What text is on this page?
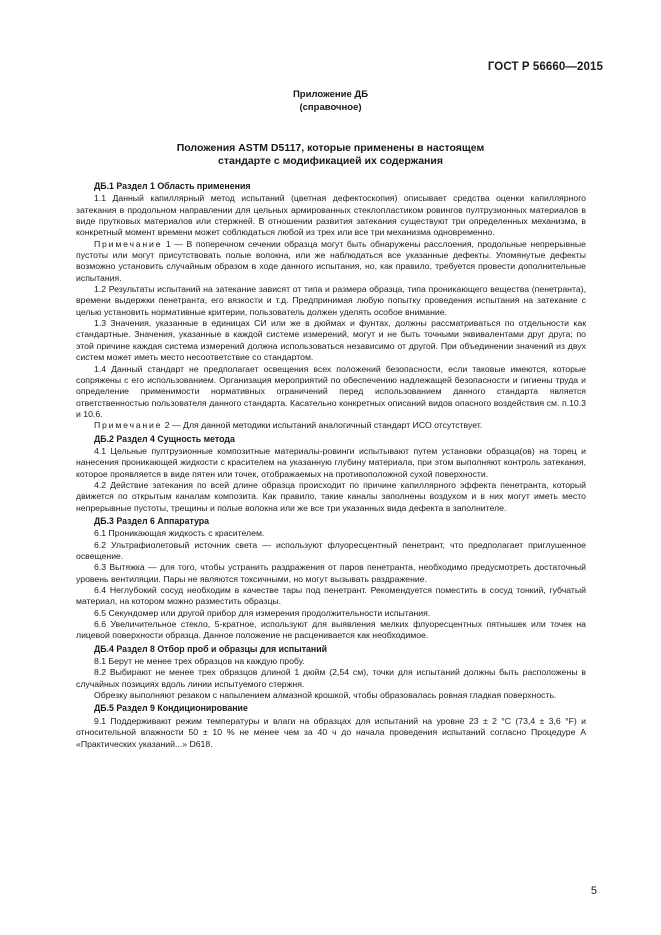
ГОСТ Р 56660—2015
Приложение ДБ
(справочное)
Положения ASTM D5117, которые применены в настоящем
стандарте с модификацией их содержания
ДБ.1 Раздел 1 Область применения

1.1 Данный капиллярный метод испытаний (цветная дефектоскопия) описывает средства оценки капиллярного затекания в продольном направлении для цельных армированных стеклопластиком ровингов пултрузионных материалов в виде прутковых материалов или стержней. В отношении развития затекания существуют три определенных механизма, в конкретный момент времени может соблюдаться любой из трех или все три механизма одновременно.

Примечание 1 — В поперечном сечении образца могут быть обнаружены расслоения, продольные непрерывные пустоты или могут присутствовать полые волокна, или же наблюдаться все указанные дефекты. Упомянутые дефекты возможно установить случайным образом в ходе данного испытания, но, как правило, требуется провести дополнительные испытания.

1.2 Результаты испытаний на затекание зависят от типа и размера образца, типа проникающего вещества (пенетранта), времени выдержки пенетранта, его вязкости и т.д. Предпринимая любую попытку проведения испытания на затекание с целью установить нормативные критерии, пользователь должен уделять особое внимание.

1.3 Значения, указанные в единицах СИ или же в дюймах и фунтах, должны рассматриваться по отдельности как стандартные. Значения, указанные в каждой системе измерений, могут и не быть точными эквивалентами друг друга; по этой причине каждая система измерений должна использоваться независимо от другой. При объединении значений из двух систем может иметь место несоответствие со стандартом.

1.4 Данный стандарт не предполагает освещения всех положений безопасности, если таковые имеются, которые сопряжены с его использованием. Организация мероприятий по обеспечению надлежащей безопасности и гигиены труда и определение применимости нормативных ограничений перед использованием данного стандарта является ответственностью пользователя данного стандарта. Касательно конкретных описаний видов опасного воздействия см. п.10.3 и 10.6.

Примечание 2 — Для данной методики испытаний аналогичный стандарт ИСО отсутствует.

ДБ.2 Раздел 4 Сущность метода

4.1 Цельные пултрузионные композитные материалы-ровинги испытывают путем установки образца(ов) на торец и нанесения проникающей жидкости с красителем на указанную глубину материала, при этом выполняют контроль затекания, которое проявляется в виде пятен или точек, отображаемых на противоположной сухой поверхности.

4.2 Действие затекания по всей длине образца происходит по причине капиллярного эффекта пенетранта, который движется по открытым каналам композита. Как правило, такие каналы заполнены воздухом и в них могут иметь место непрерывные пустоты, трещины и полые волокна или же все три указанных вида дефекта в заполнителе.

ДБ.3 Раздел 6 Аппаратура

6.1 Проникающая жидкость с красителем.

6.2 Ультрафиолетовый источник света — используют флуоресцентный пенетрант, что предполагает приглушенное освещение.

6.3 Вытяжка — для того, чтобы устранить раздражения от паров пенетранта, необходимо предусмотреть достаточный уровень вентиляции. Пары не являются токсичными, но могут вызывать раздражение.

6.4 Неглубокий сосуд необходим в качестве тары под пенетрант. Рекомендуется поместить в сосуд тонкий, губчатый материал, на котором можно разместить образцы.

6.5 Секундомер или другой прибор для измерения продолжительности испытания.

6.6 Увеличительное стекло, 5-кратное, используют для выявления мелких флуоресцентных пятнышек или точек на лицевой поверхности образца. Данное положение не расценивается как необходимое.

ДБ.4 Раздел 8 Отбор проб и образцы для испытаний

8.1 Берут не менее трех образцов на каждую пробу.

8.2 Выбирают не менее трех образцов длиной 1 дюйм (2,54 см), точки для испытаний должны быть расположены в случайных позициях вдоль линии испытуемого стержня.

Обрезку выполняют резаком с напылением алмазной крошкой, чтобы образовалась ровная гладкая поверхность.

ДБ.5 Раздел 9 Кондиционирование

9.1 Поддерживают режим температуры и влаги на образцах для испытаний на уровне 23 ± 2 °C (73,4 ± 3,6 °F) и относительной влажности 50 ± 10 % не менее чем за 40 ч до начала проведения испытаний согласно Процедуре А «Практических указаний...» D618.

5
